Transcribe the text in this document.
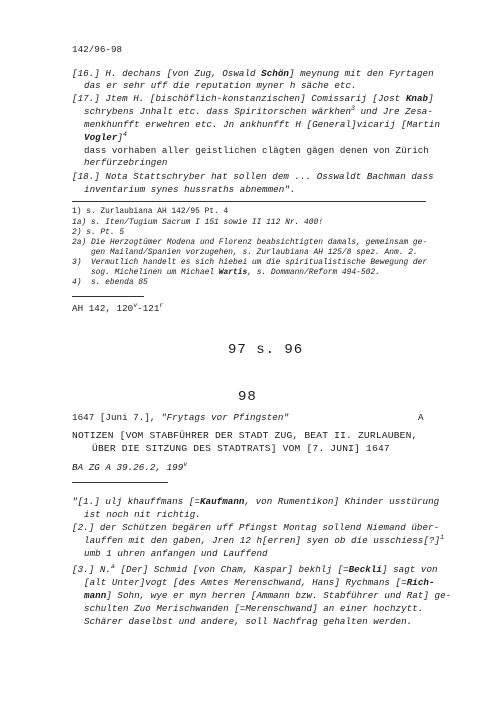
142/96-98
[16.] H. dechans [von Zug, Oswald Schön] meynung mit den Fyrtagen
das er sehr uff die reputation myner h säche etc.
[17.] Jtem H. [bischöflich-konstanzischen] Comissarij [Jost Knab]
schrybens Jnhalt etc. dass Spiritorschen wärkhen$^3$ und Jre Zesa-
menkhunfft erwehren etc. Jn ankhunfft H [General]vicarij [Martin
Vogler]$^4$
dass vorhaben aller geistlichen clägten gägen denen von Zürich
herfürzebringen
[18.] Nota Stattschryber hat sollen dem ... Osswaldt Bachman dass
inventarium synes hussraths abnemmen".
1) s. Zurlaubiana AH 142/95 Pt. 4
1a) s. Iten/Tugium Sacrum I 151 sowie II 112 Nr. 400!
2) s. Pt. 5
2a) Die Herzogtümer Modena und Florenz beabsichtigten damals, gemeinsam ge-
gen Mailand/Spanien vorzugehen, s. Zurlaubiana AH 125/8 spez. Anm. 2.
3)  Vermutlich handelt es sich hiebei um die spiritualistische Bewegung der
sog. Michelinen um Michael Wartis, s. Dommann/Reform 494-502.
4)  s. ebenda 85
AH 142, 120$^v$-121$^r$
97 s. 96
98
1647 [Juni 7.], "Frytags vor Pfingsten"	A
NOTIZEN [VOM STABFÜHRER DER STADT ZUG, BEAT II. ZURLAUBEN,
ÜBER DIE SITZUNG DES STADTRATS] VOM [7. JUNI] 1647
BA ZG A 39.26.2, 199$^v$
"[1.] ulj khauffmans [=Kaufmann, von Rumentikon] Khinder usstürung
ist noch nit richtig.
[2.] der Schützen begären uff Pfingst Montag sollend Niemand über-
lauffen mit den gaben, Jren 12 h[erren] syen ob die usschiess[?]$^1$
umb 1 uhren anfangen und Lauffend
[3.] N.$^a$ [Der] Schmid [von Cham, Kaspar] bekhlj [=Beckli] sagt von
[alt Unter]vogt [des Amtes Merenschwand, Hans] Rychmans [=Rich-
mann] Sohn, wye er myn herren [Ammann bzw. Stabführer und Rat] ge-
schulten Zuo Merischwanden [=Merenschwand] an einer hochzytt.
Schärer daselbst und andere, soll Nachfrag gehalten werden.
